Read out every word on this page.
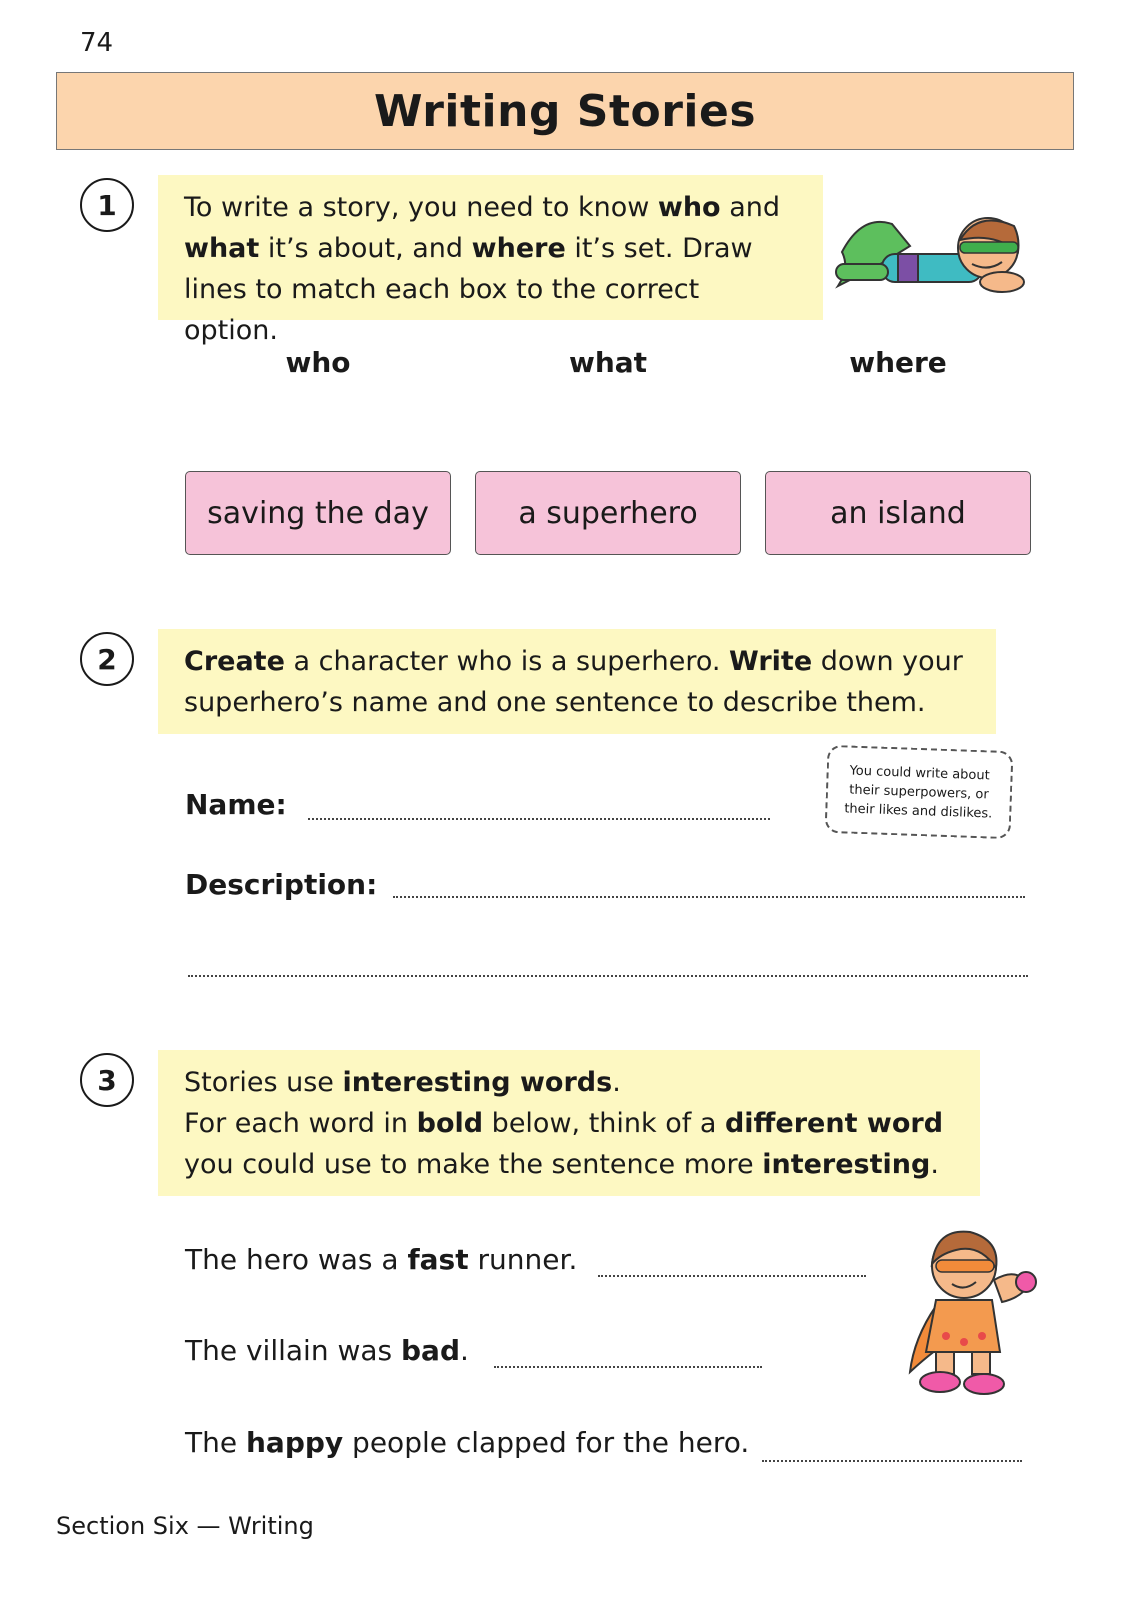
74
Writing Stories
1	To write a story, you need to know who and what it’s about, and where it’s set. Draw lines to match each box to the correct option.
who	what	where
saving the day	a superhero	an island
2	Create a character who is a superhero. Write down your superhero’s name and one sentence to describe them.
You could write about their superpowers, or their likes and dislikes.
Name:
Description:
3	Stories use interesting words.
For each word in bold below, think of a different word you could use to make the sentence more interesting.
The hero was a fast runner.
The villain was bad.
The happy people clapped for the hero.
Section Six — Writing
